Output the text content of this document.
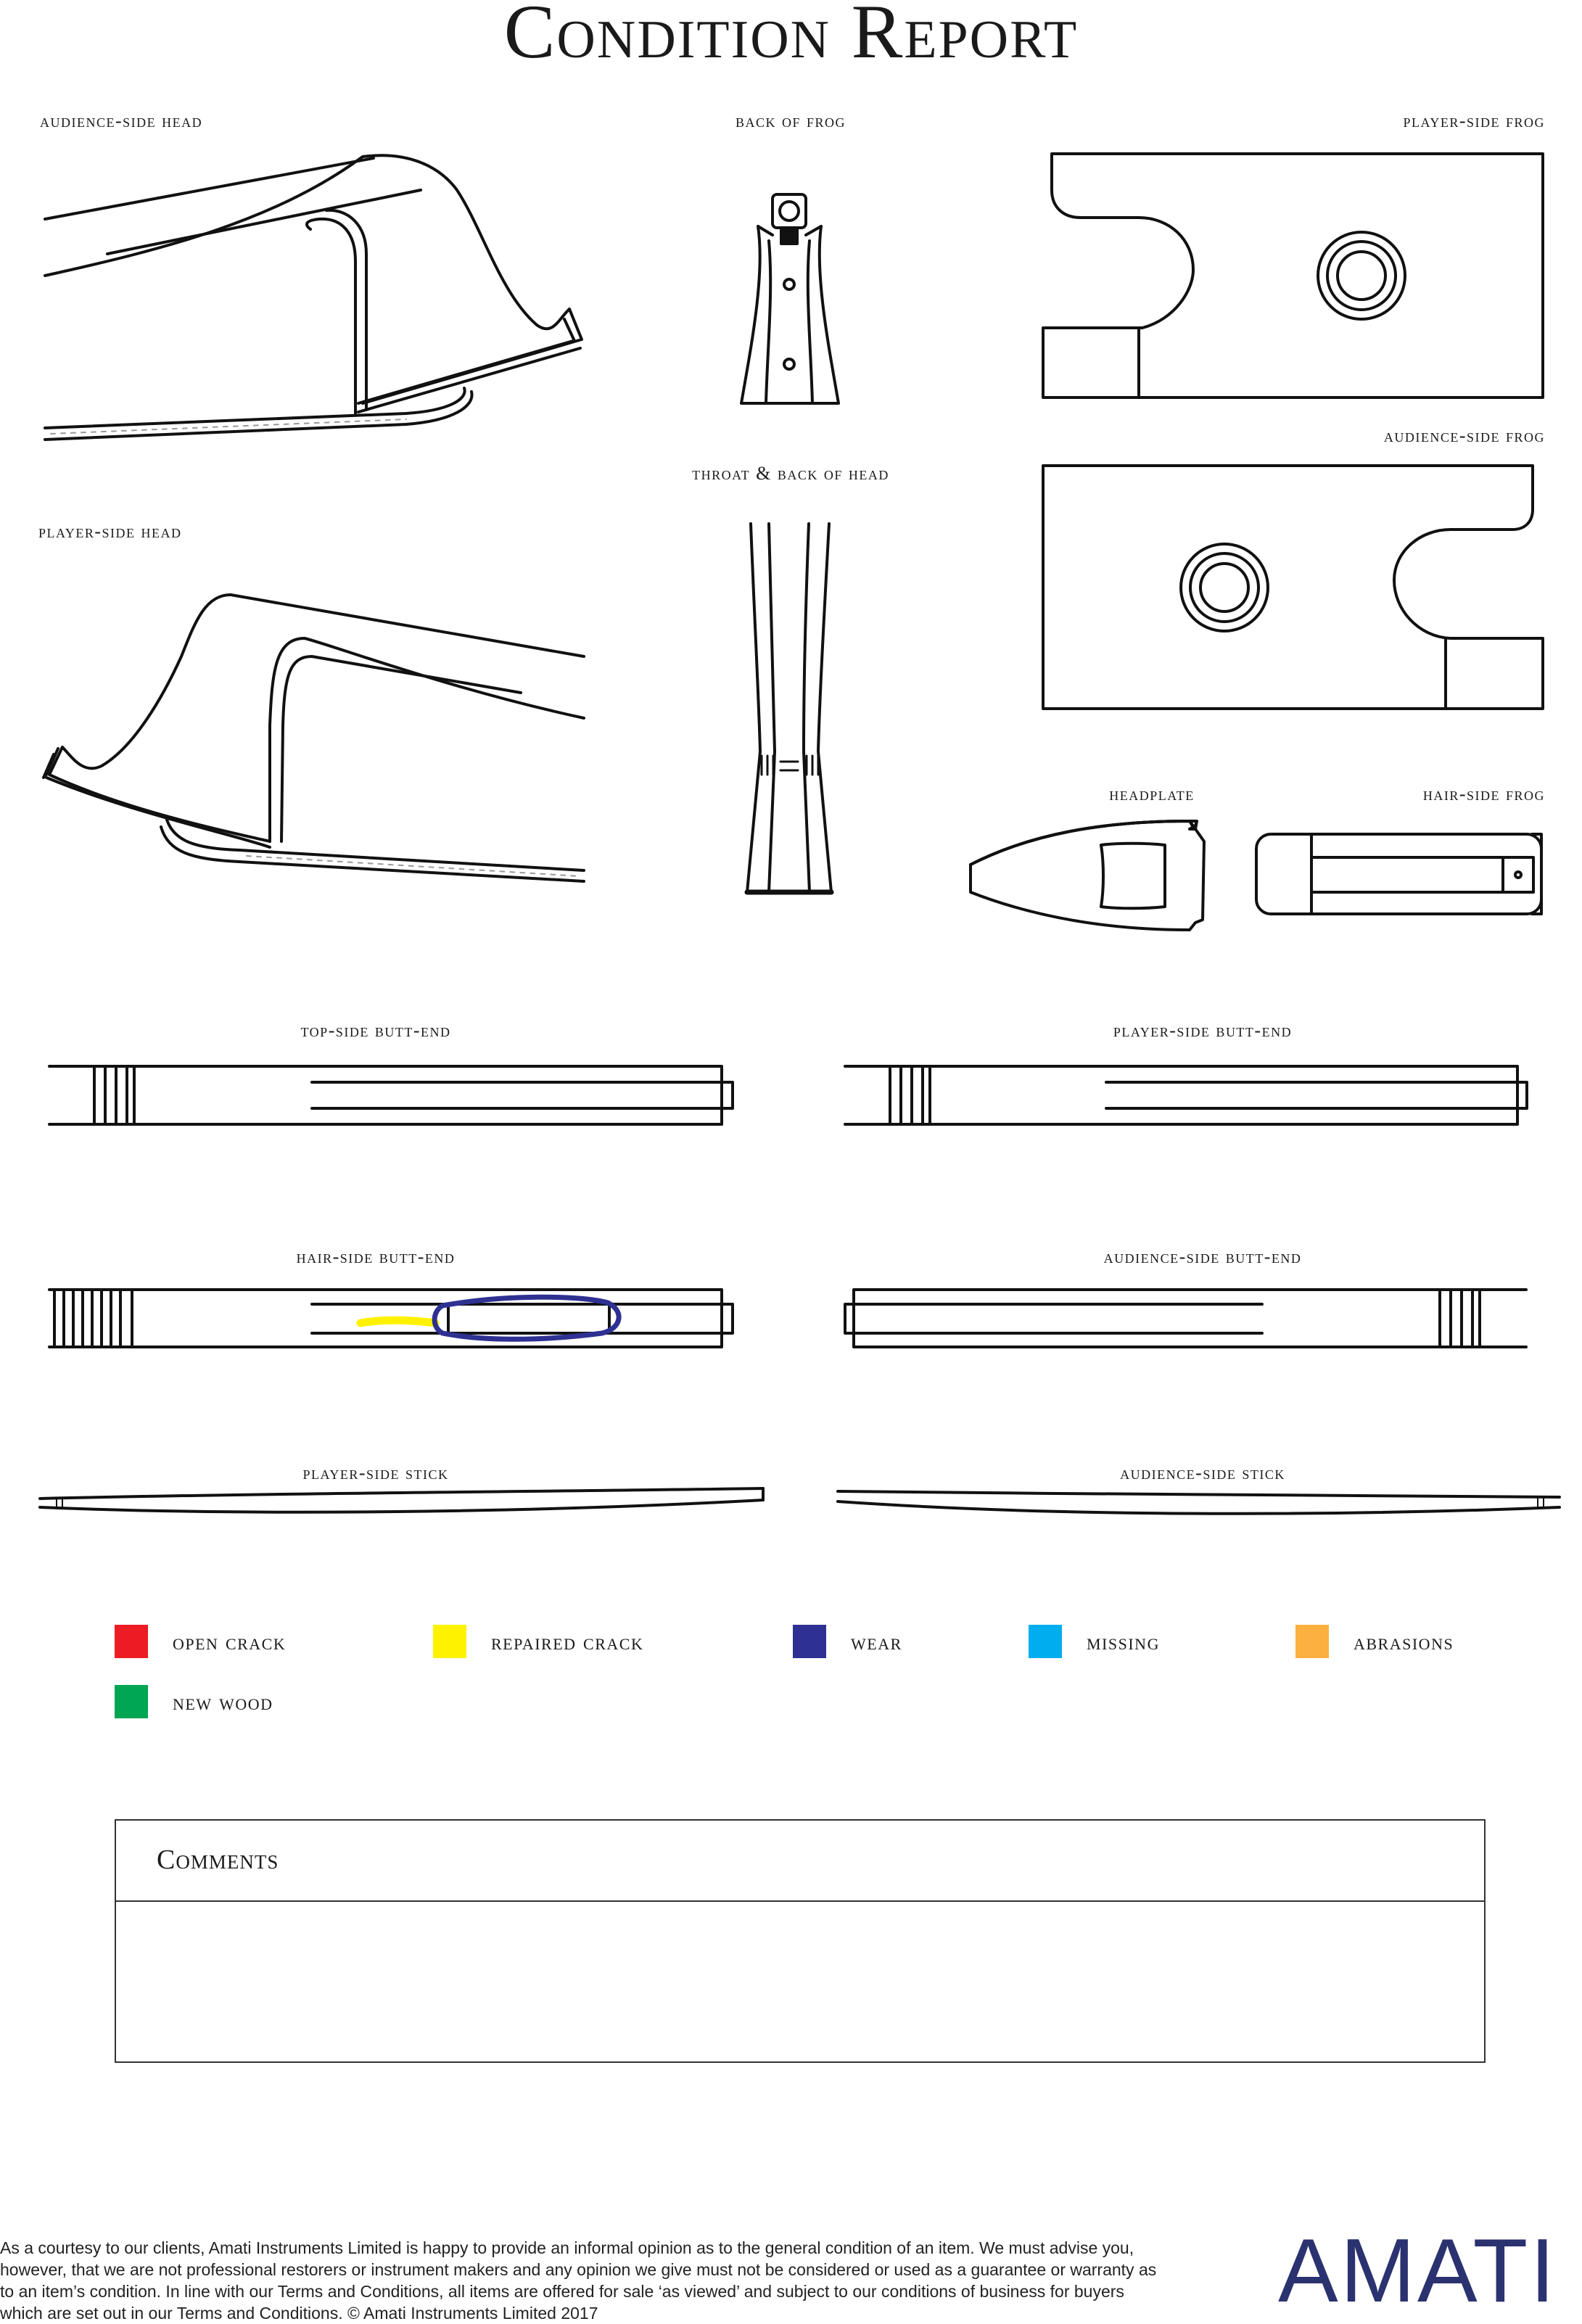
Condition Report
audience-side head	back of frog	player-side frog
audience-side frog
throat & back of head
player-side head
headplate	hair-side frog
top-side butt-end	player-side butt-end
hair-side butt-end	audience-side butt-end
player-side stick	audience-side stick
open crack	repaired crack	wear	missing	abrasions
new wood
Comments
As a courtesy to our clients, Amati Instruments Limited is happy to provide an informal opinion as to the general condition of an item. We must advise you, however, that we are not professional restorers or instrument makers and any opinion we give must not be considered or used as a guarantee or warranty as to an item’s condition. In line with our Terms and Conditions, all items are offered for sale ‘as viewed’ and subject to our conditions of business for buyers which are set out in our Terms and Conditions. © Amati Instruments Limited 2017	AMATI
